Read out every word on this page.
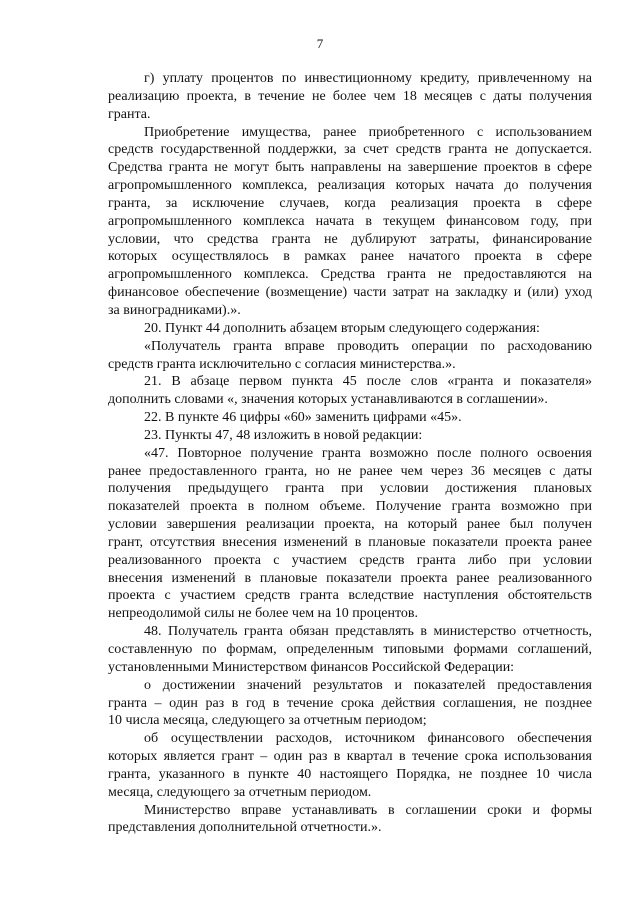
7
г) уплату процентов по инвестиционному кредиту, привлеченному на
реализацию проекта, в течение не более чем 18 месяцев с даты получения
гранта.
Приобретение имущества, ранее приобретенного с использованием
средств государственной поддержки, за счет средств гранта не допускается.
Средства гранта не могут быть направлены на завершение проектов в сфере
агропромышленного комплекса, реализация которых начата до получения
гранта, за исключение случаев, когда реализация проекта в сфере
агропромышленного комплекса начата в текущем финансовом году, при
условии, что средства гранта не дублируют затраты, финансирование
которых осуществлялось в рамках ранее начатого проекта в сфере
агропромышленного комплекса. Средства гранта не предоставляются на
финансовое обеспечение (возмещение) части затрат на закладку и (или) уход
за виноградниками).».
20. Пункт 44 дополнить абзацем вторым следующего содержания:
«Получатель гранта вправе проводить операции по расходованию
средств гранта исключительно с согласия министерства.».
21. В абзаце первом пункта 45 после слов «гранта и показателя»
дополнить словами «, значения которых устанавливаются в соглашении».
22. В пункте 46 цифры «60» заменить цифрами «45».
23. Пункты 47, 48 изложить в новой редакции:
«47. Повторное получение гранта возможно после полного освоения
ранее предоставленного гранта, но не ранее чем через 36 месяцев с даты
получения предыдущего гранта при условии достижения плановых
показателей проекта в полном объеме. Получение гранта возможно при
условии завершения реализации проекта, на который ранее был получен
грант, отсутствия внесения изменений в плановые показатели проекта ранее
реализованного проекта с участием средств гранта либо при условии
внесения изменений в плановые показатели проекта ранее реализованного
проекта с участием средств гранта вследствие наступления обстоятельств
непреодолимой силы не более чем на 10 процентов.
48. Получатель гранта обязан представлять в министерство отчетность,
составленную по формам, определенным типовыми формами соглашений,
установленными Министерством финансов Российской Федерации:
о достижении значений результатов и показателей предоставления
гранта – один раз в год в течение срока действия соглашения, не позднее
10 числа месяца, следующего за отчетным периодом;
об осуществлении расходов, источником финансового обеспечения
которых является грант – один раз в квартал в течение срока использования
гранта, указанного в пункте 40 настоящего Порядка, не позднее 10 числа
месяца, следующего за отчетным периодом.
Министерство вправе устанавливать в соглашении сроки и формы
представления дополнительной отчетности.».
